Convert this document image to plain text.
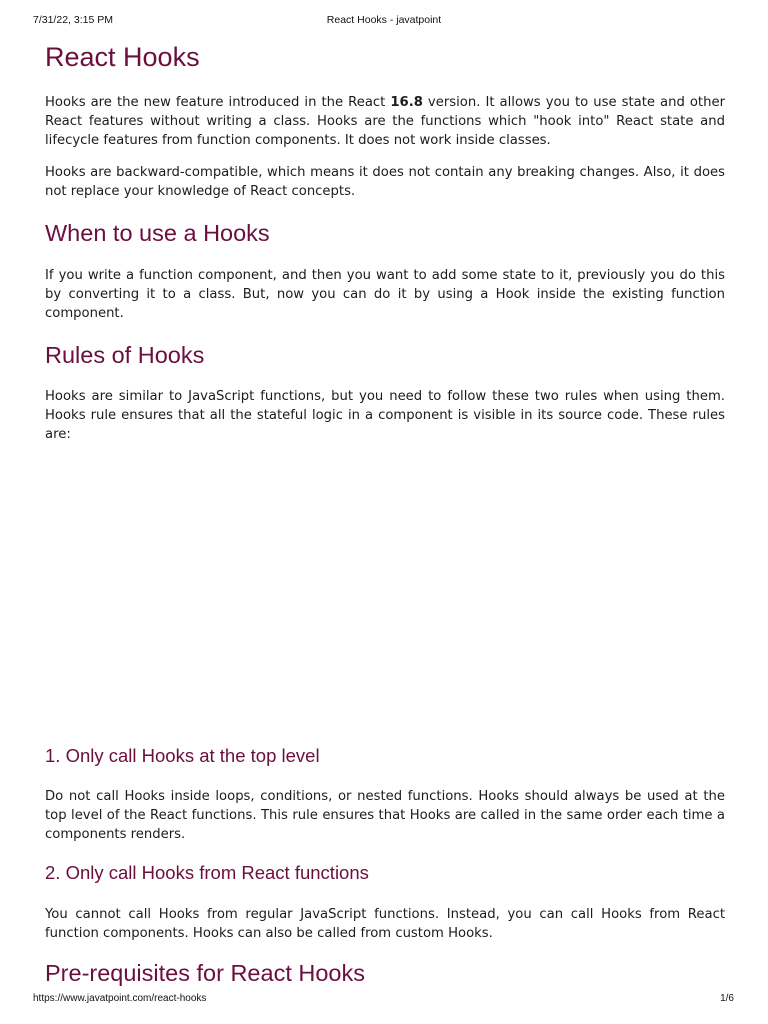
7/31/22, 3:15 PM	React Hooks - javatpoint
React Hooks

Hooks are the new feature introduced in the React 16.8 version. It allows you to use state and other React features without writing a class. Hooks are the functions which "hook into" React state and lifecycle features from function components. It does not work inside classes.

Hooks are backward-compatible, which means it does not contain any breaking changes. Also, it does not replace your knowledge of React concepts.

When to use a Hooks

If you write a function component, and then you want to add some state to it, previously you do this by converting it to a class. But, now you can do it by using a Hook inside the existing function component.

Rules of Hooks

Hooks are similar to JavaScript functions, but you need to follow these two rules when using them. Hooks rule ensures that all the stateful logic in a component is visible in its source code. These rules are:

1. Only call Hooks at the top level

Do not call Hooks inside loops, conditions, or nested functions. Hooks should always be used at the top level of the React functions. This rule ensures that Hooks are called in the same order each time a components renders.

2. Only call Hooks from React functions

You cannot call Hooks from regular JavaScript functions. Instead, you can call Hooks from React function components. Hooks can also be called from custom Hooks.

Pre-requisites for React Hooks
https://www.javatpoint.com/react-hooks	1/6
